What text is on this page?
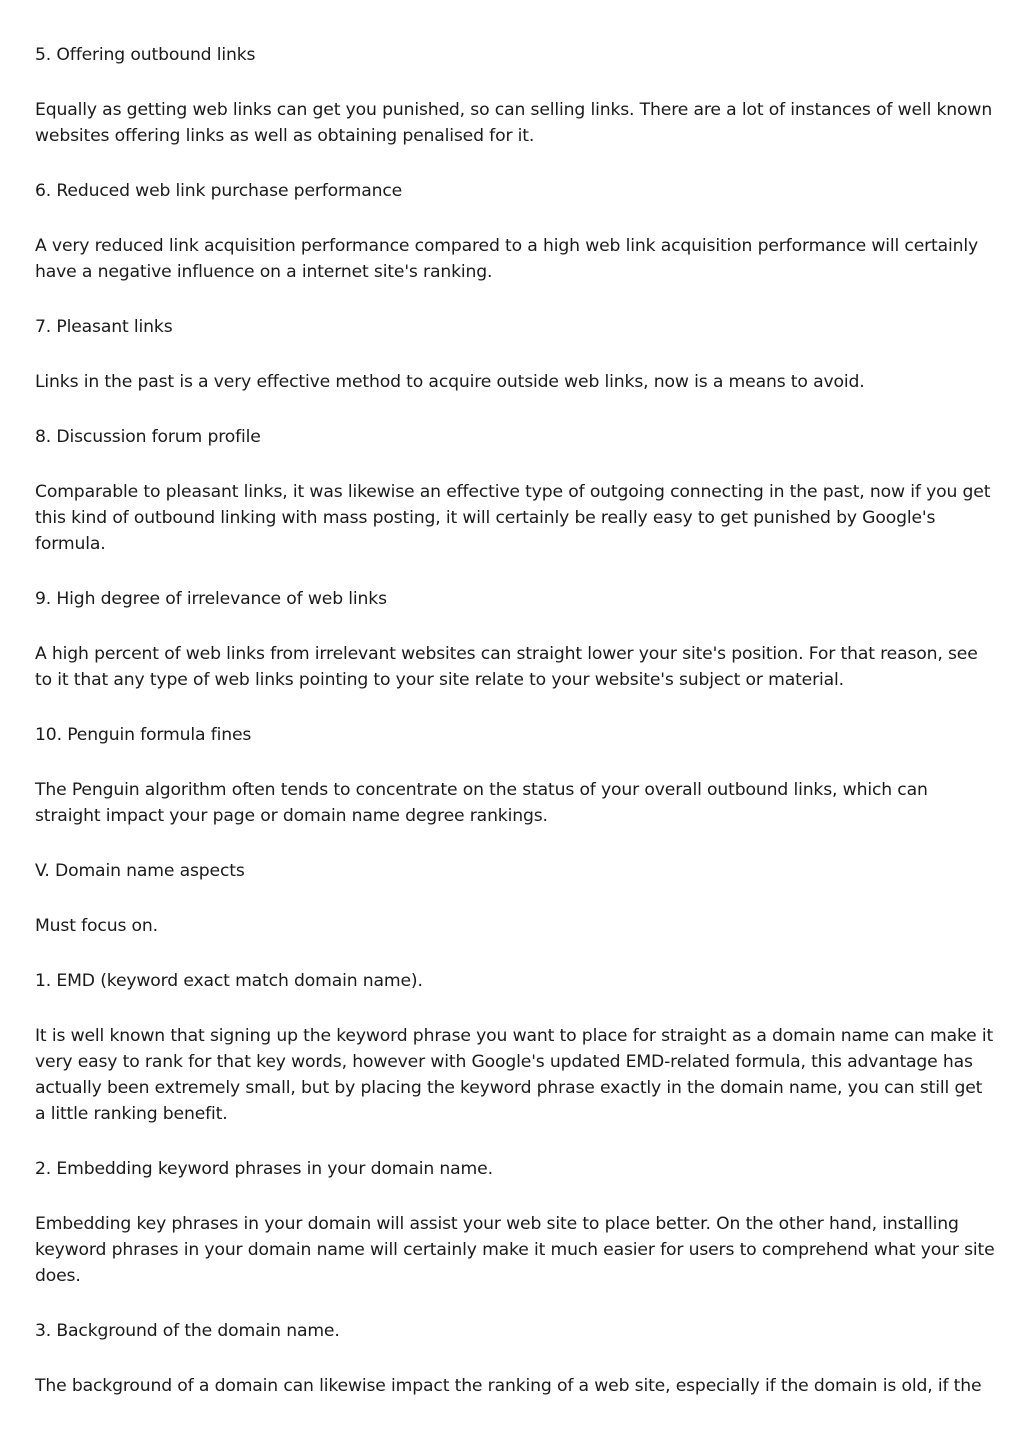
5. Offering outbound links

Equally as getting web links can get you punished, so can selling links. There are a lot of instances of well known websites offering links as well as obtaining penalised for it.

6. Reduced web link purchase performance

A very reduced link acquisition performance compared to a high web link acquisition performance will certainly have a negative influence on a internet site's ranking.

7. Pleasant links

Links in the past is a very effective method to acquire outside web links, now is a means to avoid.

8. Discussion forum profile

Comparable to pleasant links, it was likewise an effective type of outgoing connecting in the past, now if you get this kind of outbound linking with mass posting, it will certainly be really easy to get punished by Google's formula.

9. High degree of irrelevance of web links

A high percent of web links from irrelevant websites can straight lower your site's position. For that reason, see to it that any type of web links pointing to your site relate to your website's subject or material.

10. Penguin formula fines

The Penguin algorithm often tends to concentrate on the status of your overall outbound links, which can straight impact your page or domain name degree rankings.

V. Domain name aspects

Must focus on.

1. EMD (keyword exact match domain name).

It is well known that signing up the keyword phrase you want to place for straight as a domain name can make it very easy to rank for that key words, however with Google's updated EMD-related formula, this advantage has actually been extremely small, but by placing the keyword phrase exactly in the domain name, you can still get a little ranking benefit.

2. Embedding keyword phrases in your domain name.

Embedding key phrases in your domain will assist your web site to place better. On the other hand, installing keyword phrases in your domain name will certainly make it much easier for users to comprehend what your site does.

3. Background of the domain name.

The background of a domain can likewise impact the ranking of a web site, especially if the domain is old, if the
